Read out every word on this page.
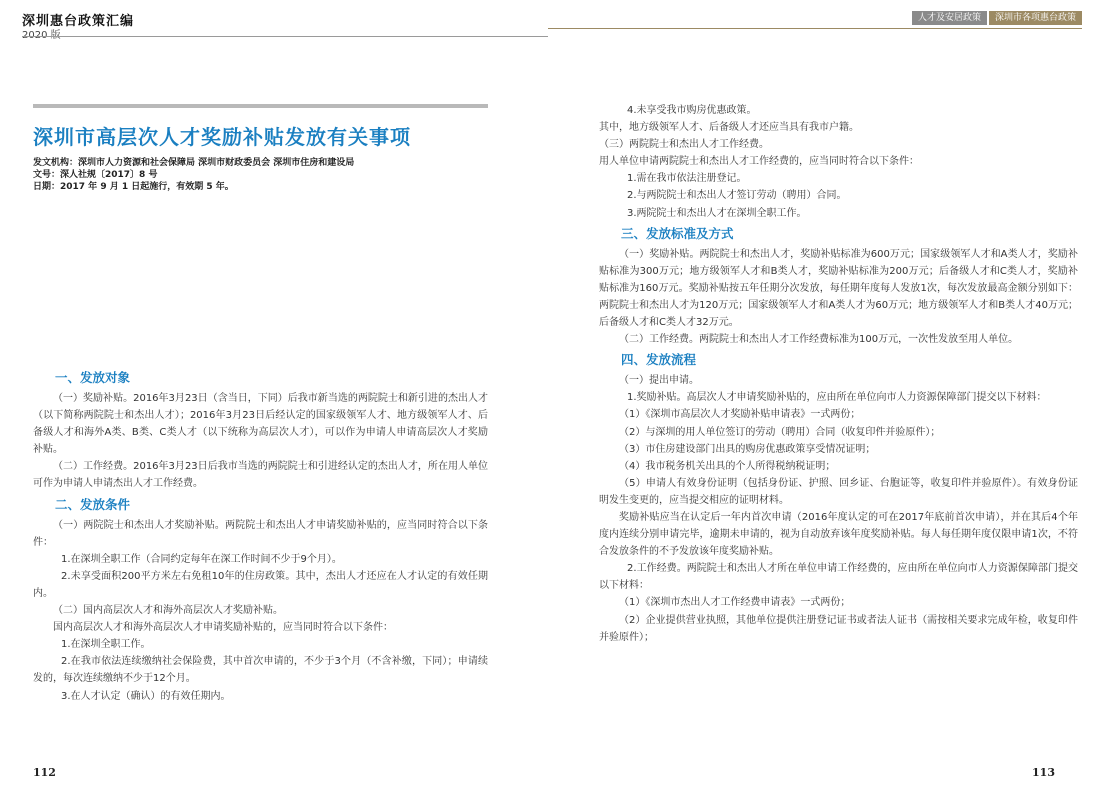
深圳惠台政策汇编
深圳市高层次人才奖励补贴发放有关事项
发文机构：深圳市人力资源和社会保障局 深圳市财政委员会 深圳市住房和建设局
文号：深人社规〔2017〕8 号
日期：2017 年 9 月 1 日起施行，有效期 5 年。

一、发放对象

（一）奖励补贴。2016年3月23日（含当日，下同）后我市新当选的两院院士和新引进的杰出人才（以下简称两院院士和杰出人才）；2016年3月23日后经认定的国家级领军人才、地方级领军人才、后备级人才和海外A类、B类、C类人才（以下统称为高层次人才），可以作为申请人申请高层次人才奖励补贴。

（二）工作经费。2016年3月23日后我市当选的两院院士和引进经认定的杰出人才，所在用人单位可作为申请人申请杰出人才工作经费。

二、发放条件

（一）两院院士和杰出人才奖励补贴。两院院士和杰出人才申请奖励补贴的，应当同时符合以下条件：

1.在深圳全职工作（合同约定每年在深工作时间不少于9个月）。

2.未享受面积200平方米左右免租10年的住房政策。其中，杰出人才还应在人才认定的有效任期内。

（二）国内高层次人才和海外高层次人才奖励补贴。

国内高层次人才和海外高层次人才申请奖励补贴的，应当同时符合以下条件：

1.在深圳全职工作。

2.在我市依法连续缴纳社会保险费，其中首次申请的，不少于3个月（不含补缴，下同）；申请续发的，每次连续缴纳不少于12个月。

3.在人才认定（确认）的有效任期内。

112
人才及安居政策	深圳市各项惠台政策

4.未享受我市购房优惠政策。

其中，地方级领军人才、后备级人才还应当具有我市户籍。

（三）两院院士和杰出人才工作经费。

用人单位申请两院院士和杰出人才工作经费的，应当同时符合以下条件：

1.需在我市依法注册登记。

2.与两院院士和杰出人才签订劳动（聘用）合同。

3.两院院士和杰出人才在深圳全职工作。

三、发放标准及方式

（一）奖励补贴。两院院士和杰出人才，奖励补贴标准为600万元；国家级领军人才和A类人才，奖励补贴标准为300万元；地方级领军人才和B类人才，奖励补贴标准为200万元；后备级人才和C类人才，奖励补贴标准为160万元。奖励补贴按五年任期分次发放，每任期年度每人发放1次，每次发放最高金额分别如下：两院院士和杰出人才为120万元；国家级领军人才和A类人才为60万元；地方级领军人才和B类人才40万元；后备级人才和C类人才32万元。

（二）工作经费。两院院士和杰出人才工作经费标准为100万元，一次性发放至用人单位。

四、发放流程

（一）提出申请。

1.奖励补贴。高层次人才申请奖励补贴的，应由所在单位向市人力资源保障部门提交以下材料：

（1）《深圳市高层次人才奖励补贴申请表》一式两份；

（2）与深圳的用人单位签订的劳动（聘用）合同（收复印件并验原件）；

（3）市住房建设部门出具的购房优惠政策享受情况证明；

（4）我市税务机关出具的个人所得税纳税证明；

（5）申请人有效身份证明（包括身份证、护照、回乡证、台胞证等，收复印件并验原件）。有效身份证明发生变更的，应当提交相应的证明材料。

奖励补贴应当在认定后一年内首次申请（2016年度认定的可在2017年底前首次申请），并在其后4个年度内连续分别申请完毕，逾期未申请的，视为自动放弃该年度奖励补贴。每人每任期年度仅限申请1次，不符合发放条件的不予发放该年度奖励补贴。

2.工作经费。两院院士和杰出人才所在单位申请工作经费的，应由所在单位向市人力资源保障部门提交以下材料：

（1）《深圳市杰出人才工作经费申请表》一式两份；

（2）企业提供营业执照，其他单位提供注册登记证书或者法人证书（需按相关要求完成年检，收复印件并验原件）；

113
